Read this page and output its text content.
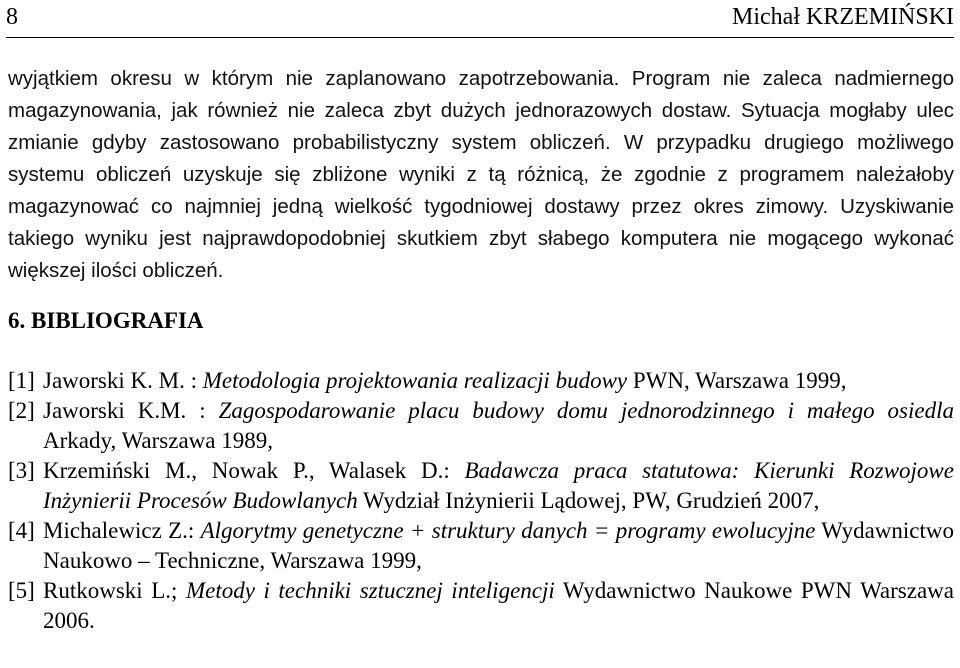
8	Michał KRZEMIŃSKI
wyjątkiem okresu w którym nie zaplanowano zapotrzebowania. Program nie zaleca nadmiernego magazynowania, jak również nie zaleca zbyt dużych jednorazowych dostaw. Sytuacja mogłaby ulec zmianie gdyby zastosowano probabilistyczny system obliczeń. W przypadku drugiego możliwego systemu obliczeń uzyskuje się zbliżone wyniki z tą różnicą, że zgodnie z programem należałoby magazynować co najmniej jedną wielkość tygodniowej dostawy przez okres zimowy. Uzyskiwanie takiego wyniku jest najprawdopodobniej skutkiem zbyt słabego komputera nie mogącego wykonać większej ilości obliczeń.
6. BIBLIOGRAFIA
[1] Jaworski K. M. : Metodologia projektowania realizacji budowy PWN, Warszawa 1999,
[2] Jaworski K.M. : Zagospodarowanie placu budowy domu jednorodzinnego i małego osiedla Arkady, Warszawa 1989,
[3] Krzemiński M., Nowak P., Walasek D.: Badawcza praca statutowa: Kierunki Rozwojowe Inżynierii Procesów Budowlanych Wydział Inżynierii Lądowej, PW, Grudzień 2007,
[4] Michalewicz Z.: Algorytmy genetyczne + struktury danych = programy ewolucyjne Wydawnictwo Naukowo – Techniczne, Warszawa 1999,
[5] Rutkowski L.; Metody i techniki sztucznej inteligencji Wydawnictwo Naukowe PWN Warszawa 2006.
